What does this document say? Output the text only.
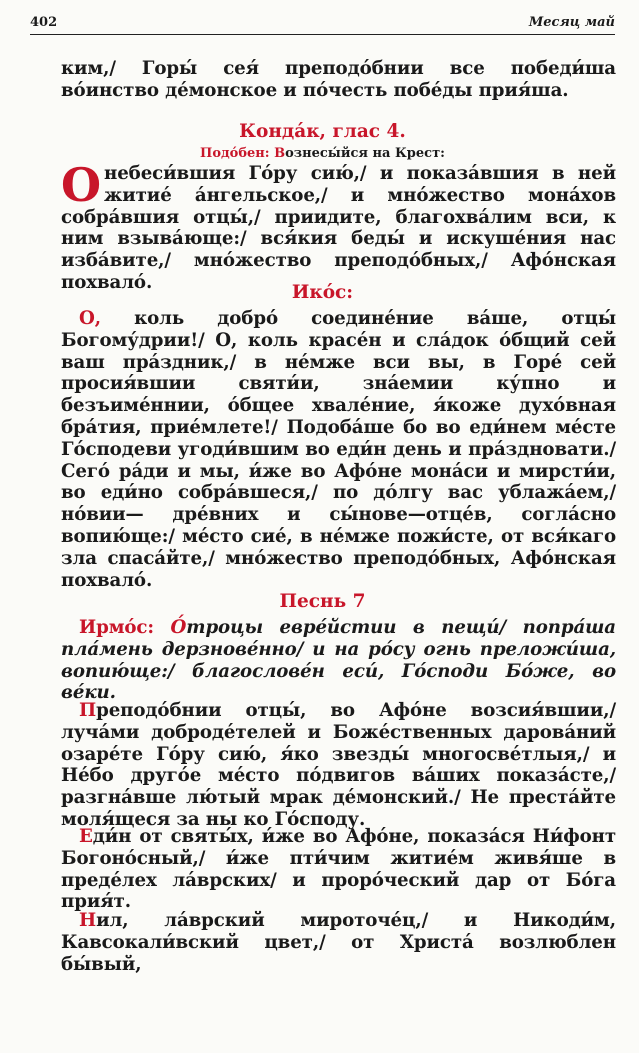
402	Месяц май
ким,/ Горы́ сея́ преподо́бнии все победи́ша во́инство де́монское и по́честь побе́ды прия́ша.
Конда́к, глас 4.
Подо́бен: Вознесы́йся на Крест:
Онебеси́вшия Го́ру сию́,/ и показа́вшия в ней житие́ а́нгельское,/ и мно́жество мона́хов собра́вшия отцы́,/ приидите, благохва́лим вси, к ним взыва́юще:/ вся́кия беды́ и искуше́ния нас изба́вите,/ мно́жество преподо́бных,/ Афо́нская похвало́.	Ико́с:
О, коль добро́ соедине́ние ва́ше, отцы́ Богому́дрии!/ О, коль красе́н и сла́док о́бщий сей ваш пра́здник,/ в не́мже вси вы, в Горе́ сей просия́вшии святи́и, зна́емии ку́пно и безъиме́ннии, о́бщее хвале́ние, я́коже духо́вная бра́тия, прие́млете!/ Подоба́ше бо во еди́нем ме́сте Го́сподеви угоди́вшим во еди́н день и пра́здновати./ Сего́ ра́ди и мы, и́же во Афо́не мона́си и мирсти́и, во еди́но собра́вшеся,/ по до́лгу вас ублажа́ем,/ но́вии— дре́вних и сы́нове—отце́в, согла́сно вопию́ще:/ ме́сто сие́, в не́мже пожи́сте, от вся́каго зла спаса́йте,/ мно́жество преподо́бных, Афо́нская похвало́.
Песнь 7
Ирмо́с: О́троцы евре́йстии в пещи́/ попра́ша пла́мень дерзнове́нно/ и на ро́су огнь преложи́ша, вопию́ще:/ благослове́н еси́, Го́споди Бо́же, во ве́ки.
Преподо́бнии отцы́, во Афо́не возсия́вшии,/ луча́ми доброде́телей и Боже́ственных дарова́ний озаре́те Го́ру сию́, я́ко звезды́ многосве́тлыя,/ и Не́бо друго́е ме́сто по́двигов ва́ших показа́сте,/ разгна́вше лю́тый мрак де́монский./ Не преста́йте моля́щеся за ны ко Го́споду.
Еди́н от святы́х, и́же во Афо́не, показа́ся Ни́фонт Богоно́сный,/ и́же пти́чим житие́м живя́ше в преде́лех ла́врских/ и проро́ческий дар от Бо́га прия́т.
Нил, ла́врский мироточе́ц,/ и Никоди́м, Кавсокали́вский цвет,/ от Христа́ возлюблен бы́вый,
